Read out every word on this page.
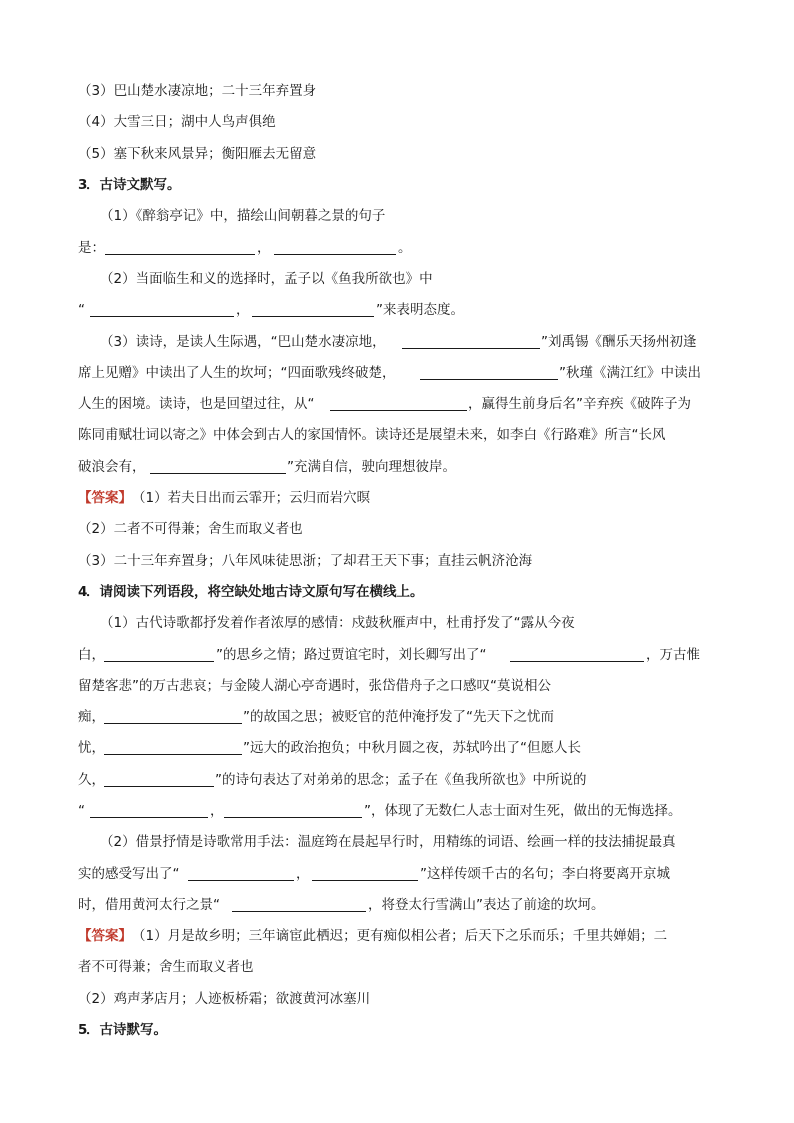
（3）巴山楚水凄凉地；二十三年弃置身
（4）大雪三日；湖中人鸟声俱绝
（5）塞下秋来风景异；衡阳雁去无留意
3
．古诗文默写。
（1）《醉翁亭记》中，描绘山间朝暮之景的句子
是：	，	。
（2）当面临生和义的选择时，孟子以《鱼我所欲也》中
“	，	”来表明态度。
（3）读诗，是读人生际遇，“巴山楚水凄凉地，	”刘禹锡《酬乐天扬州初逢
席上见赠》中读出了人生的坎坷；“四面歌残终破楚，	”秋瑾《满江红》中读出
人生的困境。读诗，也是回望过往，从“	，赢得生前身后名”辛弃疾《破阵子为
陈同甫赋壮词以寄之》中体会到古人的家国情怀。读诗还是展望未来，如李白《行路难》所言“长风
破浪会有，	”充满自信，驶向理想彼岸。
【答案】 （1）若夫日出而云霏开；云归而岩穴暝
（2）二者不可得兼；舍生而取义者也
（3）二十三年弃置身；八年风味徒思浙；了却君王天下事；直挂云帆济沧海
4
．请阅读下列语段，将空缺处地古诗文原句写在横线上。
（1）古代诗歌都抒发着作者浓厚的感情：戍鼓秋雁声中，杜甫抒发了“露从今夜
白，	”的思乡之情；路过贾谊宅时，刘长卿写出了“	，万古惟
留楚客悲”的万古悲哀；与金陵人湖心亭奇遇时，张岱借舟子之口感叹“莫说相公
痴，	”的故国之思；被贬官的范仲淹抒发了“先天下之忧而
忧，	”远大的政治抱负；中秋月圆之夜，苏轼吟出了“但愿人长
久，	”的诗句表达了对弟弟的思念；孟子在《鱼我所欲也》中所说的
“	，	”，体现了无数仁人志士面对生死，做出的无悔选择。
（2）借景抒情是诗歌常用手法：温庭筠在晨起早行时，用精练的词语、绘画一样的技法捕捉最真
实的感受写出了“	，	”这样传颂千古的名句；李白将要离开京城
时，借用黄河太行之景“	，将登太行雪满山”表达了前途的坎坷。
【答案】 （1）月是故乡明；三年谪宦此栖迟；更有痴似相公者；后天下之乐而乐；千里共婵娟；二
者不可得兼；舍生而取义者也
（2）鸡声茅店月；人迹板桥霜；欲渡黄河冰塞川
5
．古诗默写。
